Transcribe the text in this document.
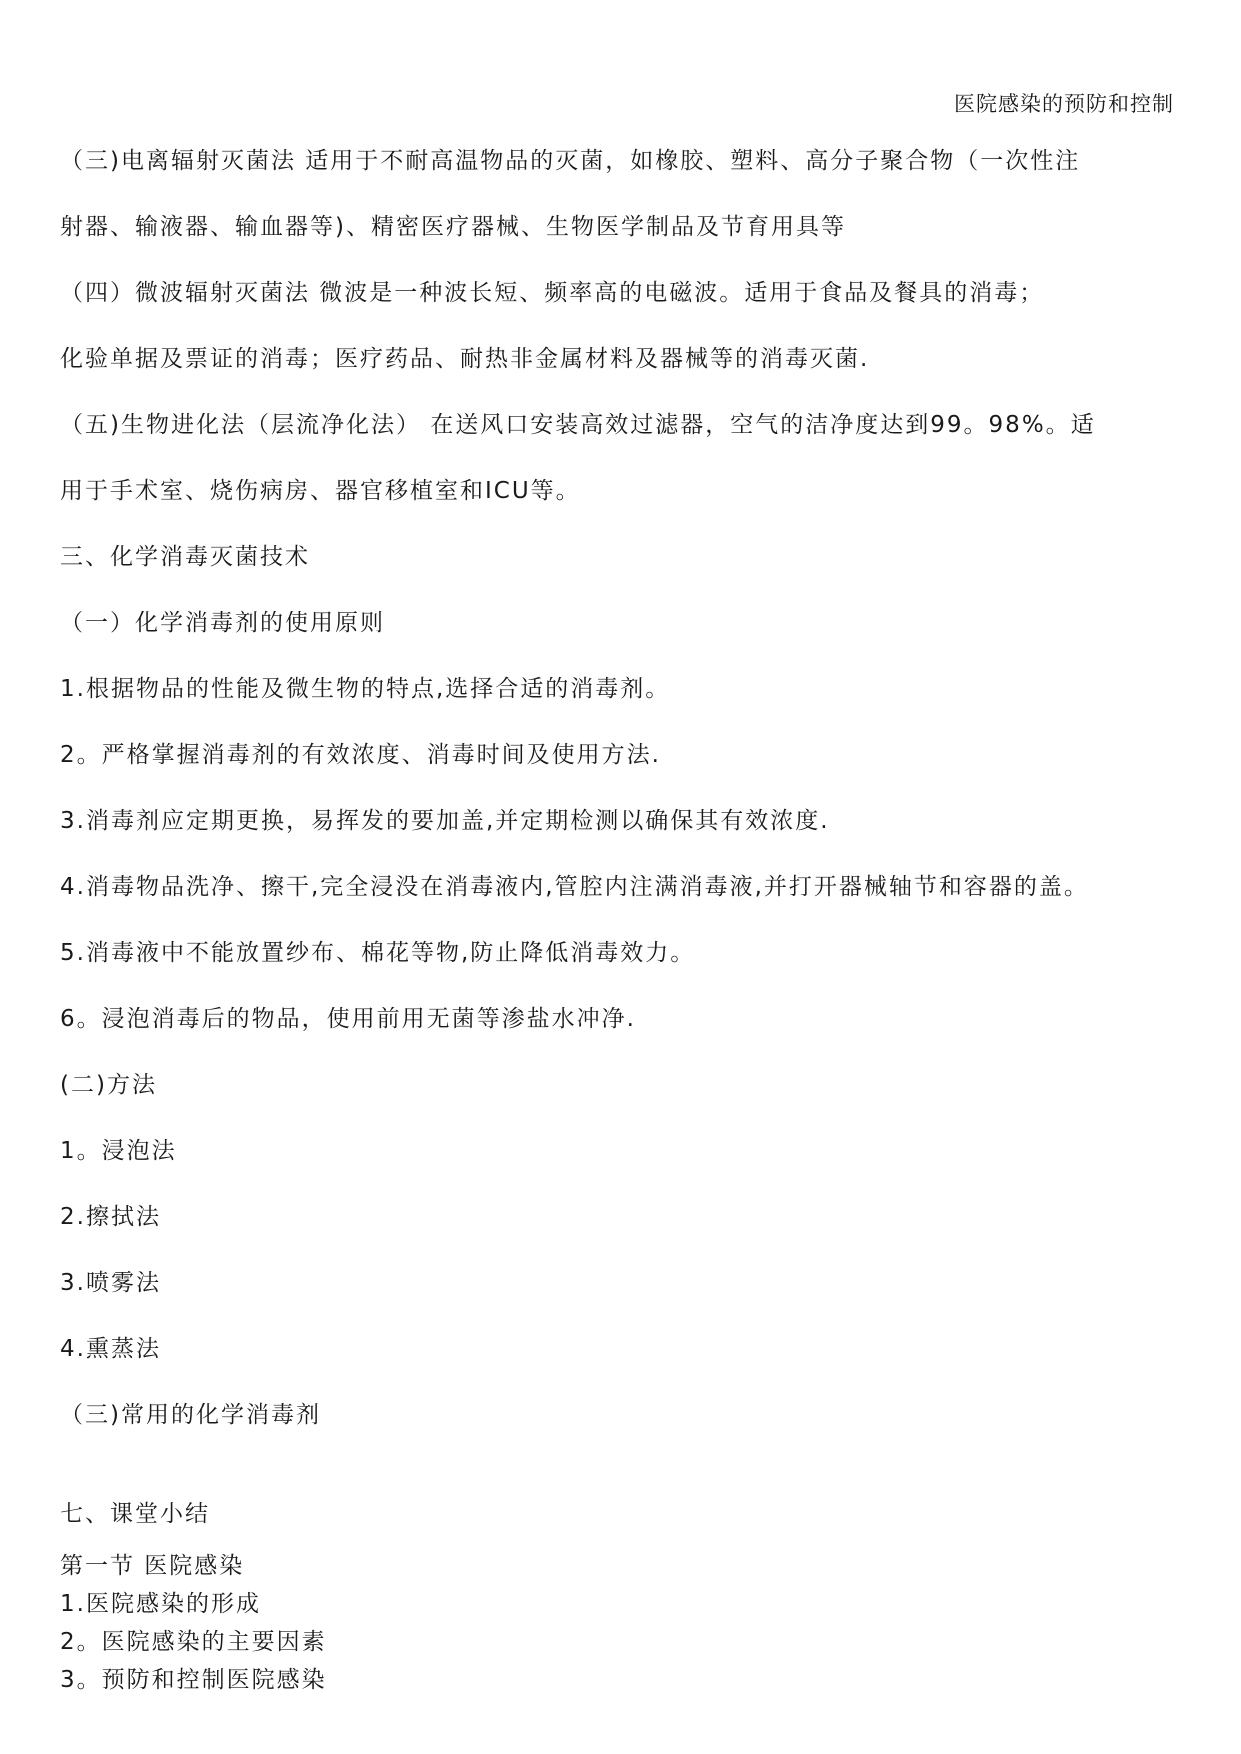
医院感染的预防和控制

（三)电离辐射灭菌法 适用于不耐高温物品的灭菌，如橡胶、塑料、高分子聚合物（一次性注

射器、输液器、输血器等)、精密医疗器械、生物医学制品及节育用具等

（四）微波辐射灭菌法 微波是一种波长短、频率高的电磁波。适用于食品及餐具的消毒；

化验单据及票证的消毒；医疗药品、耐热非金属材料及器械等的消毒灭菌.

（五)生物进化法（层流净化法） 在送风口安装高效过滤器，空气的洁净度达到99。98%。适

用于手术室、烧伤病房、器官移植室和ICU等。

三、化学消毒灭菌技术

（一）化学消毒剂的使用原则

1.根据物品的性能及微生物的特点,选择合适的消毒剂。

2。严格掌握消毒剂的有效浓度、消毒时间及使用方法.

3.消毒剂应定期更换，易挥发的要加盖,并定期检测以确保其有效浓度.

4.消毒物品洗净、擦干,完全浸没在消毒液内,管腔内注满消毒液,并打开器械轴节和容器的盖。

5.消毒液中不能放置纱布、棉花等物,防止降低消毒效力。

6。浸泡消毒后的物品，使用前用无菌等渗盐水冲净.

(二)方法

1。浸泡法

2.擦拭法

3.喷雾法

4.熏蒸法

（三)常用的化学消毒剂

七、课堂小结

第一节 医院感染

1.医院感染的形成

2。医院感染的主要因素

3。预防和控制医院感染
